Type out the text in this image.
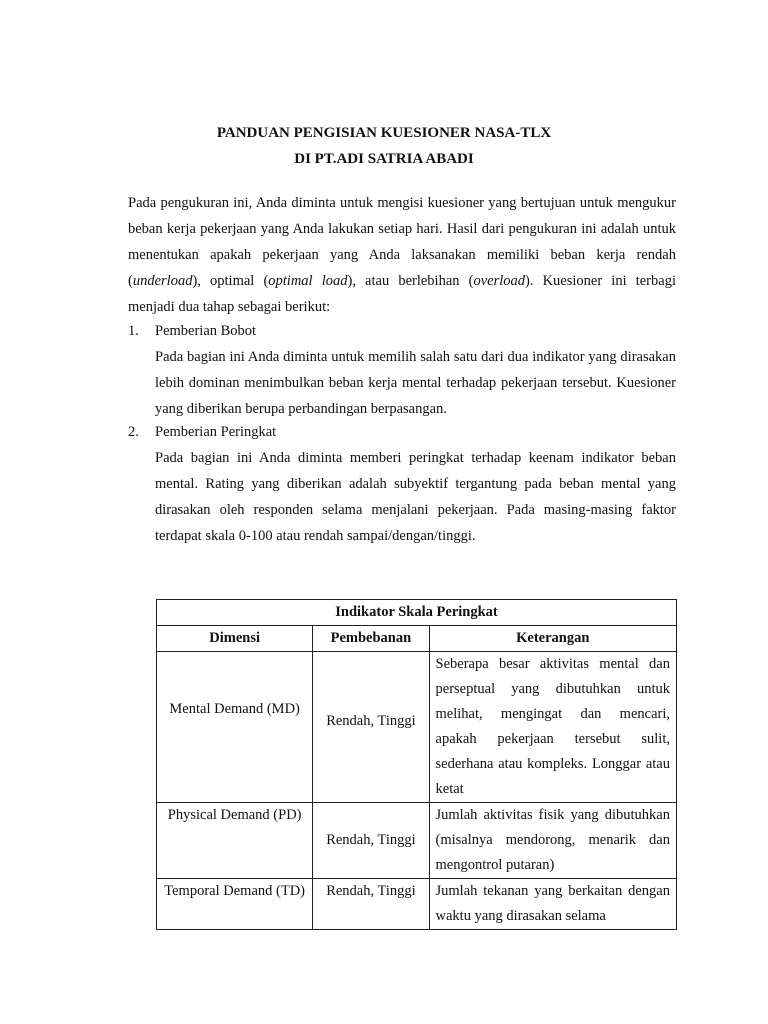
PANDUAN PENGISIAN KUESIONER NASA-TLX
DI PT.ADI SATRIA ABADI

Pada pengukuran ini, Anda diminta untuk mengisi kuesioner yang bertujuan untuk mengukur beban kerja pekerjaan yang Anda lakukan setiap hari. Hasil dari pengukuran ini adalah untuk menentukan apakah pekerjaan yang Anda laksanakan memiliki beban kerja rendah (underload), optimal (optimal load), atau berlebihan (overload). Kuesioner ini terbagi menjadi dua tahap sebagai berikut:

1. Pemberian Bobot

Pada bagian ini Anda diminta untuk memilih salah satu dari dua indikator yang dirasakan lebih dominan menimbulkan beban kerja mental terhadap pekerjaan tersebut. Kuesioner yang diberikan berupa perbandingan berpasangan.

2. Pemberian Peringkat

Pada bagian ini Anda diminta memberi peringkat terhadap keenam indikator beban mental. Rating yang diberikan adalah subyektif tergantung pada beban mental yang dirasakan oleh responden selama menjalani pekerjaan. Pada masing-masing faktor terdapat skala 0-100 atau rendah sampai/dengan/tinggi.

Indikator Skala Peringkat		
Dimensi	Pembebanan	Keterangan
Mental Demand (MD)	Rendah, Tinggi	Seberapa besar aktivitas mental dan perseptual yang dibutuhkan untuk melihat, mengingat dan mencari, apakah pekerjaan tersebut sulit, sederhana atau kompleks. Longgar atau ketat
Physical Demand (PD)	Rendah, Tinggi	Jumlah aktivitas fisik yang dibutuhkan (misalnya mendorong, menarik dan mengontrol putaran)
Temporal Demand (TD)	Rendah, Tinggi	Jumlah tekanan yang berkaitan dengan waktu yang dirasakan selama
